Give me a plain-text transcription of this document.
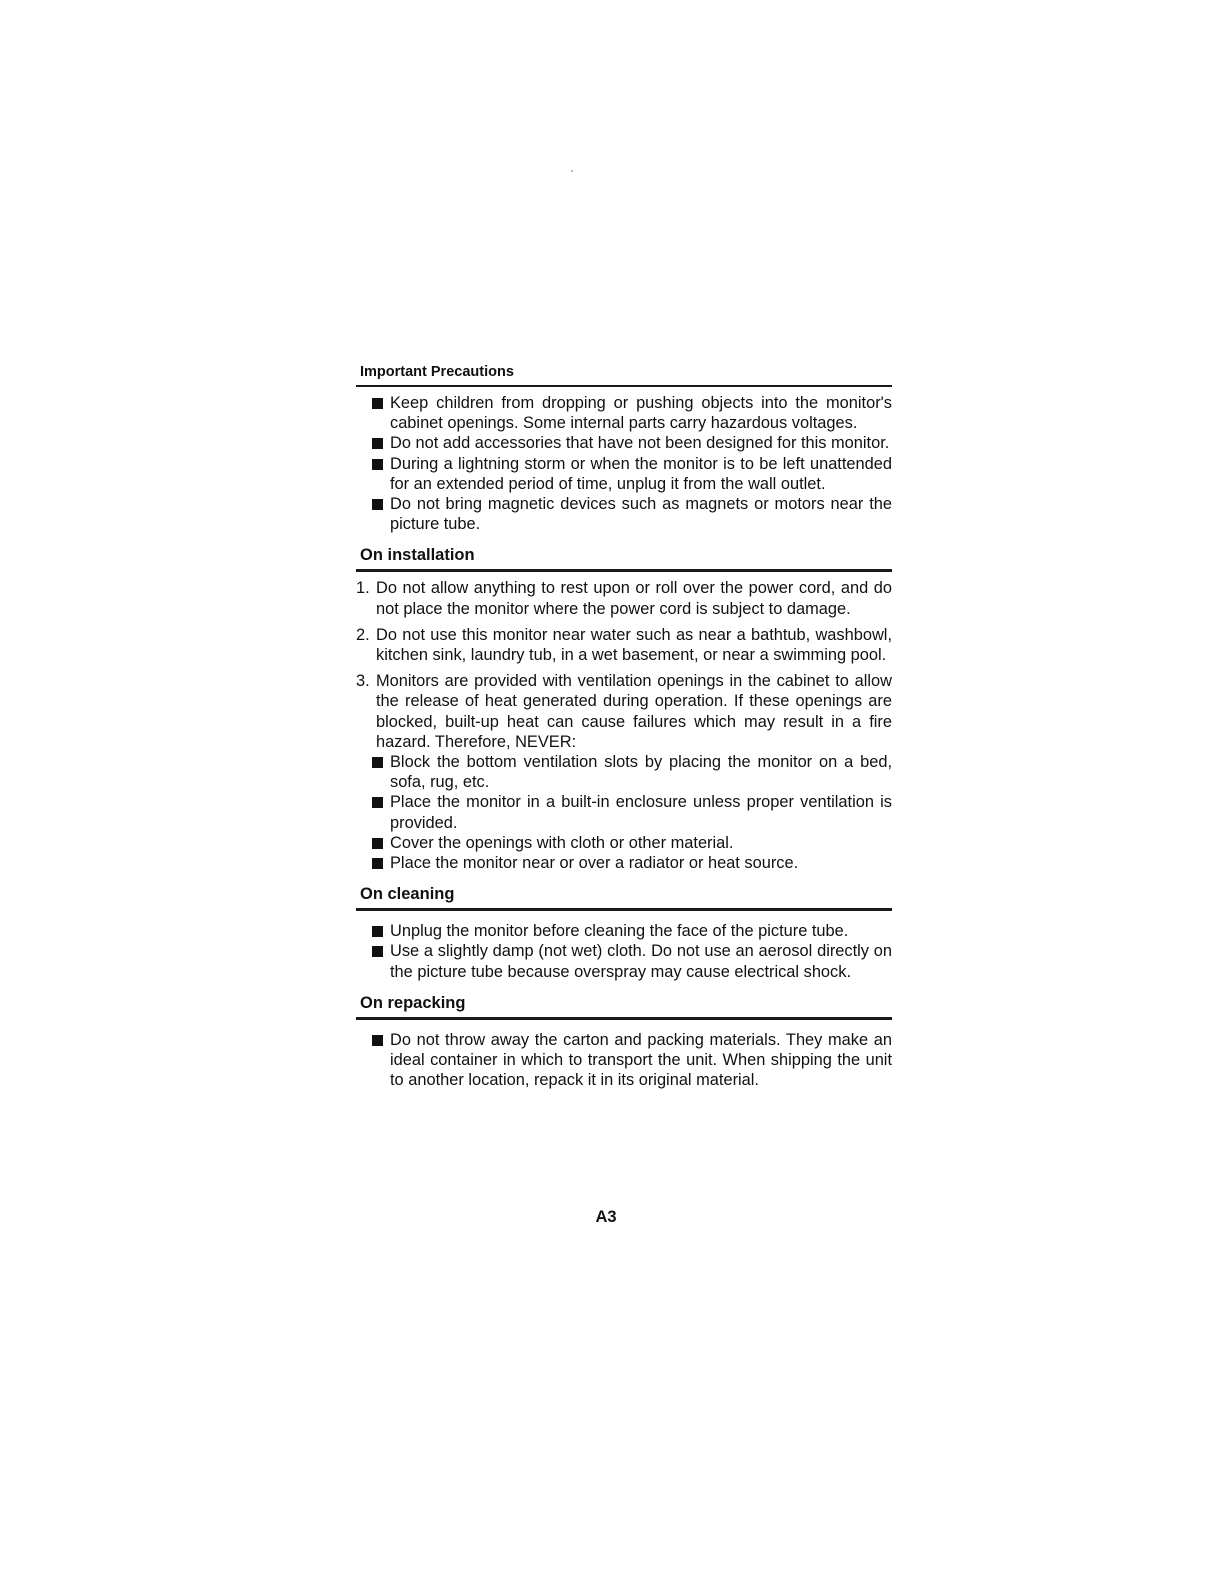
Important Precautions
Keep children from dropping or pushing objects into the monitor's cabinet openings. Some internal parts carry hazardous voltages.
Do not add accessories that have not been designed for this monitor.
During a lightning storm or when the monitor is to be left unattended for an extended period of time, unplug it from the wall outlet.
Do not bring magnetic devices such as magnets or motors near the picture tube.
On installation
1. Do not allow anything to rest upon or roll over the power cord, and do not place the monitor where the power cord is subject to damage.
2. Do not use this monitor near water such as near a bathtub, washbowl, kitchen sink, laundry tub, in a wet basement, or near a swimming pool.
3. Monitors are provided with ventilation openings in the cabinet to allow the release of heat generated during operation. If these openings are blocked, built-up heat can cause failures which may result in a fire hazard. Therefore, NEVER:
Block the bottom ventilation slots by placing the monitor on a bed, sofa, rug, etc.
Place the monitor in a built-in enclosure unless proper ventilation is provided.
Cover the openings with cloth or other material.
Place the monitor near or over a radiator or heat source.
On cleaning
Unplug the monitor before cleaning the face of the picture tube.
Use a slightly damp (not wet) cloth. Do not use an aerosol directly on the picture tube because overspray may cause electrical shock.
On repacking
Do not throw away the carton and packing materials. They make an ideal container in which to transport the unit. When shipping the unit to another location, repack it in its original material.
A3
